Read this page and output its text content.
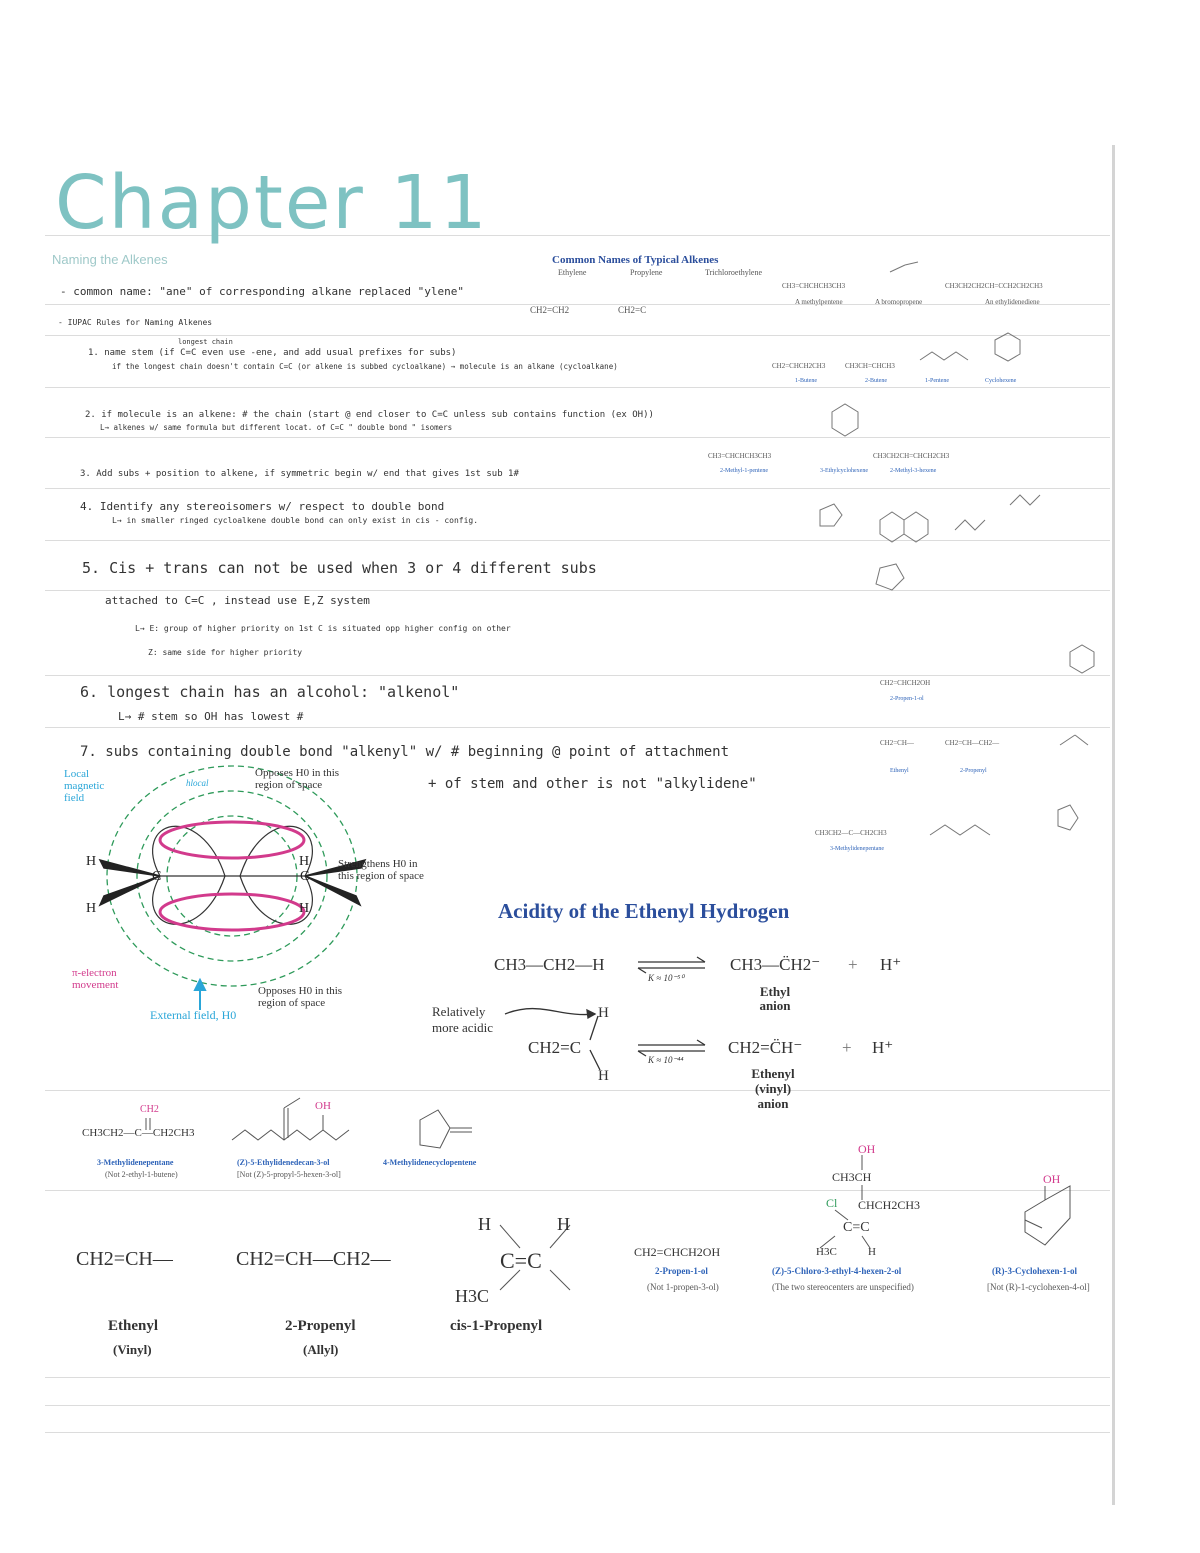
Chapter 11
Naming the Alkenes
- common name: "ane" of corresponding alkane replaced "ylene"
- IUPAC Rules for Naming Alkenes
longest chain
1. name stem (if C=C even use -ene, and add usual prefixes for subs)
if the longest chain doesn't contain C=C (or alkene is subbed cycloalkane) → molecule is an alkane (cycloalkane)
2. if molecule is an alkene: # the chain (start @ end closer to C=C unless sub contains function (ex OH))
L→ alkenes w/ same formula but different locat. of C=C " double bond " isomers
3. Add subs + position to alkene, if symmetric begin w/ end that gives 1st sub 1#
4. Identify any stereoisomers w/ respect to double bond
L→ in smaller ringed cycloalkene double bond can only exist in cis - config.
5. Cis + trans can not be used when 3 or 4 different subs
attached to C=C , instead use E,Z system
L→ E: group of higher priority on 1st C is situated opp higher config on other
Z: same side for higher priority
6. longest chain has an alcohol: "alkenol"
L→ # stem so OH has lowest #
7. subs containing double bond "alkenyl" w/ # beginning @ point of attachment
+ of stem and other is not "alkylidene"
Common Names of Typical Alkenes
Ethylene	Propylene	Trichloroethylene
CH2=CH2	CH2=C
A methylpentene	A bromopropene	An ethylidenediene
CH3=CHCHCH3CH3	CH3CH2CH2CH=CCH2CH2CH3
CH2=CHCH2CH3	CH3CH=CHCH3
CH3=CHCHCH3CH3	CH3CH2CH=CHCH2CH3
CH2=CHCH2OH
CH2=CH—	CH2=CH—CH2—
CH3CH2—C—CH2CH3
1-Butene	2-Butene	1-Pentene	Cyclohexene
2-Methyl-1-pentene	3-Ethylcyclohexene	2-Methyl-3-hexene
2-Propen-1-ol
Ethenyl	2-Propenyl
3-Methylidenepentane
H
H
H
H
C	C
Local magnetic field
Opposes H0 in this region of space
Strengthens H0 in this region of space
π-electron movement	Opposes H0 in this region of space
External field, H0
hlocal
Acidity of the Ethenyl Hydrogen
CH3—CH2—H
K ≈ 10⁻⁵⁰
CH3—C̈H2⁻ + H⁺
Ethyl anion
Relatively more acidic
CH2=C
H
H
K ≈ 10⁻⁴⁴
CH2=C̈H⁻ + H⁺
Ethenyl (vinyl) anion
CH2
CH3CH2—C—CH2CH3
OH
3-Methylidenepentane
(Not 2-ethyl-1-butene)
(Z)-5-Ethylidenedecan-3-ol
[Not (Z)-5-propyl-5-hexen-3-ol]
4-Methylidenecyclopentene
CH2=CH—
Ethenyl
(Vinyl)
CH2=CH—CH2—
2-Propenyl
(Allyl)
H	H
C=C
H3C
cis-1-Propenyl
CH2=CHCH2OH
2-Propen-1-ol
(Not 1-propen-3-ol)
OH
CH3CH
CHCH2CH3
Cl
C=C
H3C	H
(Z)-5-Chloro-3-ethyl-4-hexen-2-ol
(The two stereocenters are unspecified)
OH
(R)-3-Cyclohexen-1-ol
[Not (R)-1-cyclohexen-4-ol]
